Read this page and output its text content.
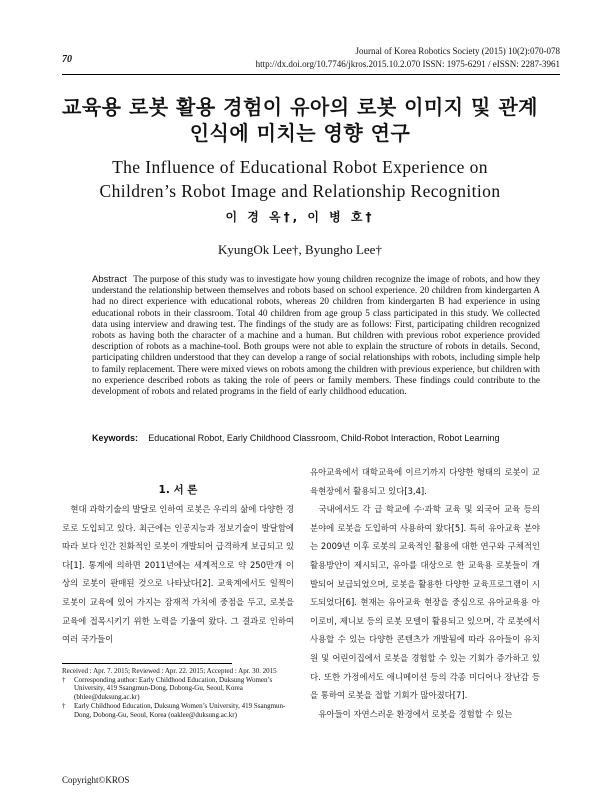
70
Journal of Korea Robotics Society (2015) 10(2):070-078
http://dx.doi.org/10.7746/jkros.2015.10.2.070 ISSN: 1975-6291 / eISSN: 2287-3961
교육용 로봇 활용 경험이 유아의 로봇 이미지 및 관계
인식에 미치는 영향 연구
The Influence of Educational Robot Experience on
Children’s Robot Image and Relationship Recognition
이 경 옥†, 이 병 호†
KyungOk Lee†, Byungho Lee†
Abstract The purpose of this study was to investigate how young children recognize the image of robots, and how they understand the relationship between themselves and robots based on school experience. 20 children from kindergarten A had no direct experience with educational robots, whereas 20 children from kindergarten B had experience in using educational robots in their classroom. Total 40 children from age group 5 class participated in this study. We collected data using interview and drawing test. The findings of the study are as follows: First, participating children recognized robots as having both the character of a machine and a human. But children with previous robot experience provided description of robots as a machine-tool. Both groups were not able to explain the structure of robots in details. Second, participating children understood that they can develop a range of social relationships with robots, including simple help to family replacement. There were mixed views on robots among the children with previous experience, but children with no experience described robots as taking the role of peers or family members. These findings could contribute to the development of robots and related programs in the field of early childhood education.
Keywords: Educational Robot, Early Childhood Classroom, Child-Robot Interaction, Robot Learning
1. 서 론

현대 과학기술의 발달로 인하여 로봇은 우리의 삶에 다양한 경로로 도입되고 있다. 최근에는 인공지능과 정보기술이 발달함에 따라 보다 인간 친화적인 로봇이 개발되어 급격하게 보급되고 있다[1]. 통계에 의하면 2011년에는 세계적으로 약 250만개 이상의 로봇이 판매된 것으로 나타났다[2]. 교육계에서도 일찍이 로봇이 교육에 있어 가지는 잠재적 가치에 중점을 두고, 로봇을 교육에 접목시키기 위한 노력을 기울여 왔다. 그 결과로 인하여 여러 국가들이

유아교육에서 대학교육에 이르기까지 다양한 형태의 로봇이 교육현장에서 활용되고 있다[3,4].

국내에서도 각 급 학교에 수·과학 교육 및 외국어 교육 등의 분야에 로봇을 도입하여 사용하여 왔다[5]. 특히 유아교육 분야는 2009년 이후 로봇의 교육적인 활용에 대한 연구와 구체적인 활용방안이 제시되고, 유아를 대상으로 한 교육용 로봇들이 개발되어 보급되었으며, 로봇을 활용한 다양한 교육프로그램이 시도되었다[6]. 현재는 유아교육 현장을 중심으로 유아교육용 아이로비, 제니보 등의 로봇 모델이 활용되고 있으며, 각 로봇에서 사용할 수 있는 다양한 콘텐츠가 개발됨에 따라 유아들이 유치원 및 어린이집에서 로봇을 경험할 수 있는 기회가 증가하고 있다. 또한 가정에서도 애니메이션 등의 각종 미디어나 장난감 등을 통하여 로봇을 접할 기회가 많아졌다[7].

유아들이 자연스러운 환경에서 로봇을 경험할 수 있는

Received : Apr. 7. 2015; Reviewed : Apr. 22. 2015; Accepted : Apr. 30. 2015
†	Corresponding author: Early Childhood Education, Duksung Women’s University, 419 Ssangmun-Dong, Dobong-Gu, Seoul, Korea (bhlee@duksung.ac.kr)
†	Early Childhood Education, Duksung Women’s University, 419 Ssangmun-Dong, Dobong-Gu, Seoul, Korea (oaklee@duksung.ac.kr)
Copyright©KROS
